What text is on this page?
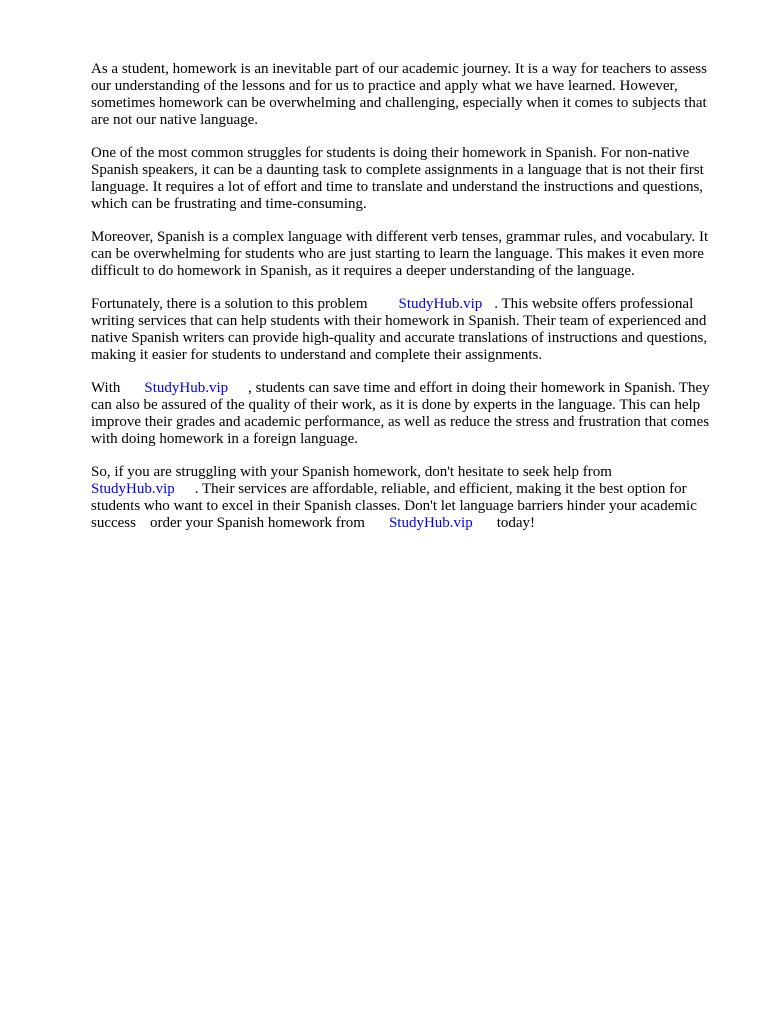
As a student, homework is an inevitable part of our academic journey. It is a way for teachers to assess our understanding of the lessons and for us to practice and apply what we have learned. However, sometimes homework can be overwhelming and challenging, especially when it comes to subjects that are not our native language.

One of the most common struggles for students is doing their homework in Spanish. For non-native Spanish speakers, it can be a daunting task to complete assignments in a language that is not their first language. It requires a lot of effort and time to translate and understand the instructions and questions, which can be frustrating and time-consuming.

Moreover, Spanish is a complex language with different verb tenses, grammar rules, and vocabulary. It can be overwhelming for students who are just starting to learn the language. This makes it even more difficult to do homework in Spanish, as it requires a deeper understanding of the language.

Fortunately, there is a solution to this problem StudyHub.vip . This website offers professional writing services that can help students with their homework in Spanish. Their team of experienced and native Spanish writers can provide high-quality and accurate translations of instructions and questions, making it easier for students to understand and complete their assignments.

With StudyHub.vip , students can save time and effort in doing their homework in Spanish. They can also be assured of the quality of their work, as it is done by experts in the language. This can help improve their grades and academic performance, as well as reduce the stress and frustration that comes with doing homework in a foreign language.

So, if you are struggling with your Spanish homework, don't hesitate to seek help from StudyHub.vip . Their services are affordable, reliable, and efficient, making it the best option for students who want to excel in their Spanish classes. Don't let language barriers hinder your academic success order your Spanish homework from StudyHub.vip today!
